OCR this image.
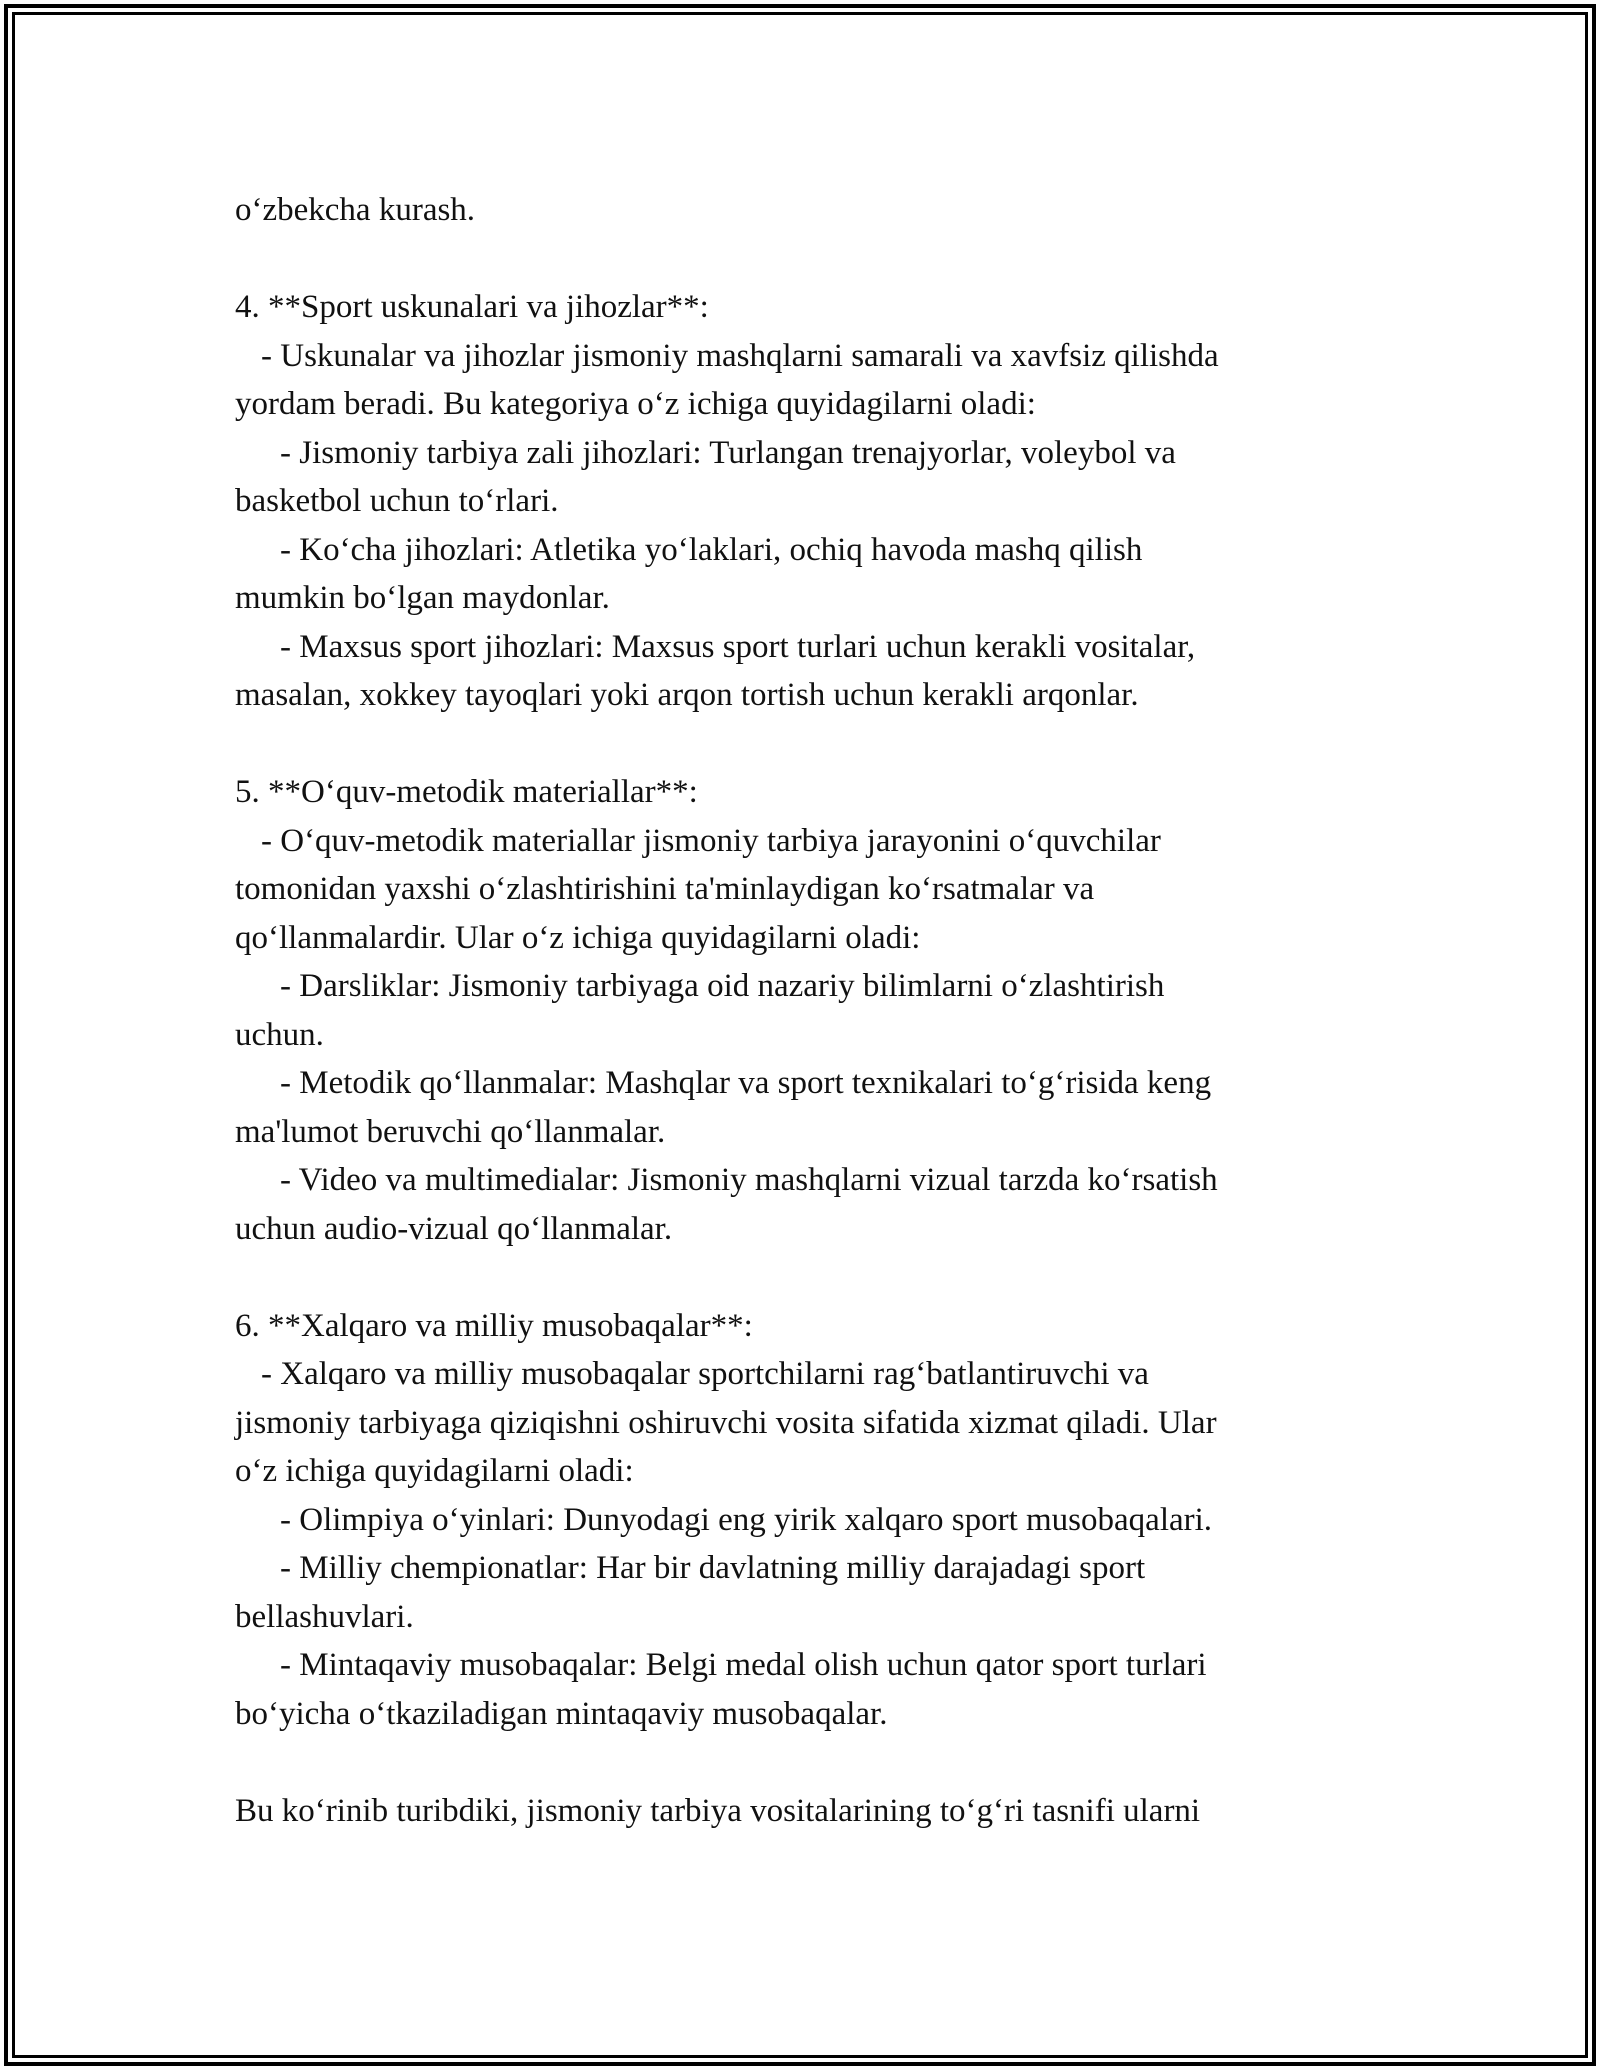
o‘zbekcha kurash.
4. **Sport uskunalari va jihozlar**:
- Uskunalar va jihozlar jismoniy mashqlarni samarali va xavfsiz qilishda
yordam beradi. Bu kategoriya o‘z ichiga quyidagilarni oladi:
- Jismoniy tarbiya zali jihozlari: Turlangan trenajyorlar, voleybol va
basketbol uchun to‘rlari.
- Ko‘cha jihozlari: Atletika yo‘laklari, ochiq havoda mashq qilish
mumkin bo‘lgan maydonlar.
- Maxsus sport jihozlari: Maxsus sport turlari uchun kerakli vositalar,
masalan, xokkey tayoqlari yoki arqon tortish uchun kerakli arqonlar.
5. **O‘quv-metodik materiallar**:
- O‘quv-metodik materiallar jismoniy tarbiya jarayonini o‘quvchilar
tomonidan yaxshi o‘zlashtirishini ta'minlaydigan ko‘rsatmalar va
qo‘llanmalardir. Ular o‘z ichiga quyidagilarni oladi:
- Darsliklar: Jismoniy tarbiyaga oid nazariy bilimlarni o‘zlashtirish
uchun.
- Metodik qo‘llanmalar: Mashqlar va sport texnikalari to‘g‘risida keng
ma'lumot beruvchi qo‘llanmalar.
- Video va multimedialar: Jismoniy mashqlarni vizual tarzda ko‘rsatish
uchun audio-vizual qo‘llanmalar.
6. **Xalqaro va milliy musobaqalar**:
- Xalqaro va milliy musobaqalar sportchilarni rag‘batlantiruvchi va
jismoniy tarbiyaga qiziqishni oshiruvchi vosita sifatida xizmat qiladi. Ular
o‘z ichiga quyidagilarni oladi:
- Olimpiya o‘yinlari: Dunyodagi eng yirik xalqaro sport musobaqalari.
- Milliy chempionatlar: Har bir davlatning milliy darajadagi sport
bellashuvlari.
- Mintaqaviy musobaqalar: Belgi medal olish uchun qator sport turlari
bo‘yicha o‘tkaziladigan mintaqaviy musobaqalar.
Bu ko‘rinib turibdiki, jismoniy tarbiya vositalarining to‘g‘ri tasnifi ularni
